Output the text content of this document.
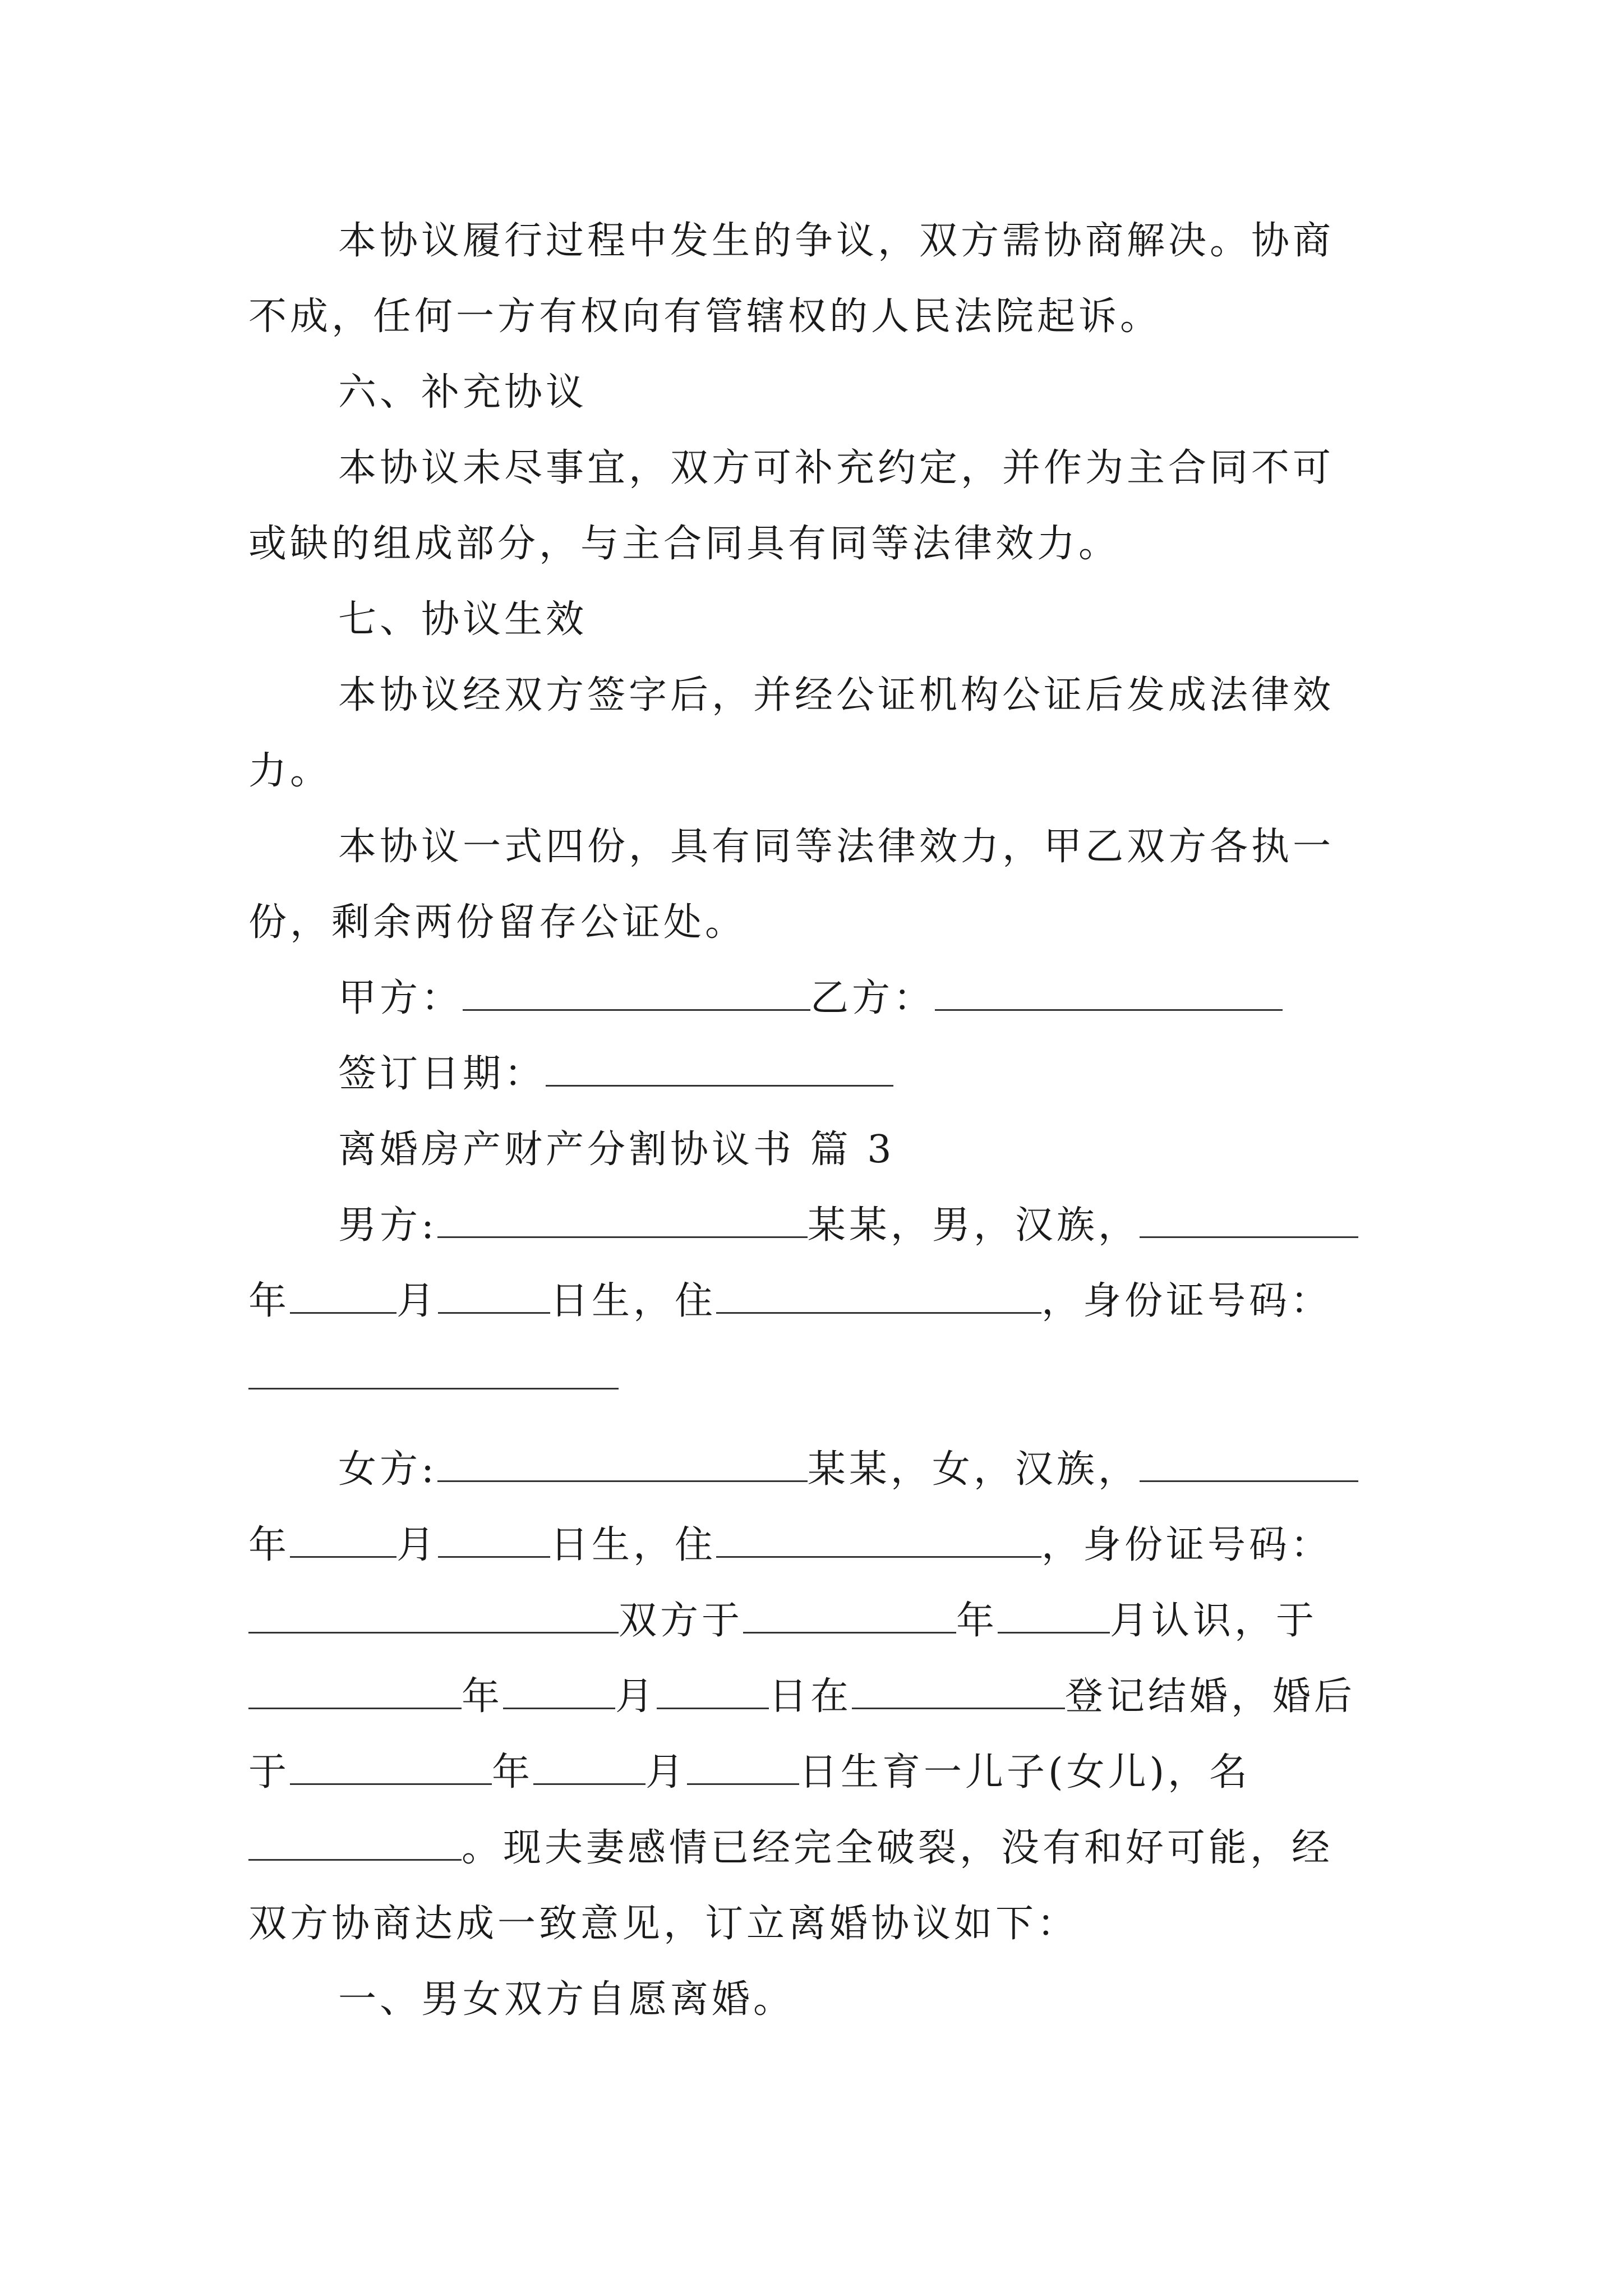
本协议履行过程中发生的争议，双方需协商解决。协商
不成，任何一方有权向有管辖权的人民法院起诉。
六、补充协议
本协议未尽事宜，双方可补充约定，并作为主合同不可
或缺的组成部分，与主合同具有同等法律效力。
七、协议生效
本协议经双方签字后，并经公证机构公证后发成法律效
力。
本协议一式四份，具有同等法律效力，甲乙双方各执一
份，剩余两份留存公证处。
甲方：	乙方：
签订日期：
离婚房产财产分割协议书 篇 3
男方:	某某，男，汉族，
年	月	日生，住	，身份证号码：
女方:	某某，女，汉族，
年	月	日生，住	，身份证号码：
双方于	年	月认识，于
年	月	日在	登记结婚，婚后
于	年	月	日生育一儿子(女儿)，名
。现夫妻感情已经完全破裂，没有和好可能，经
双方协商达成一致意见，订立离婚协议如下：
一、男女双方自愿离婚。
